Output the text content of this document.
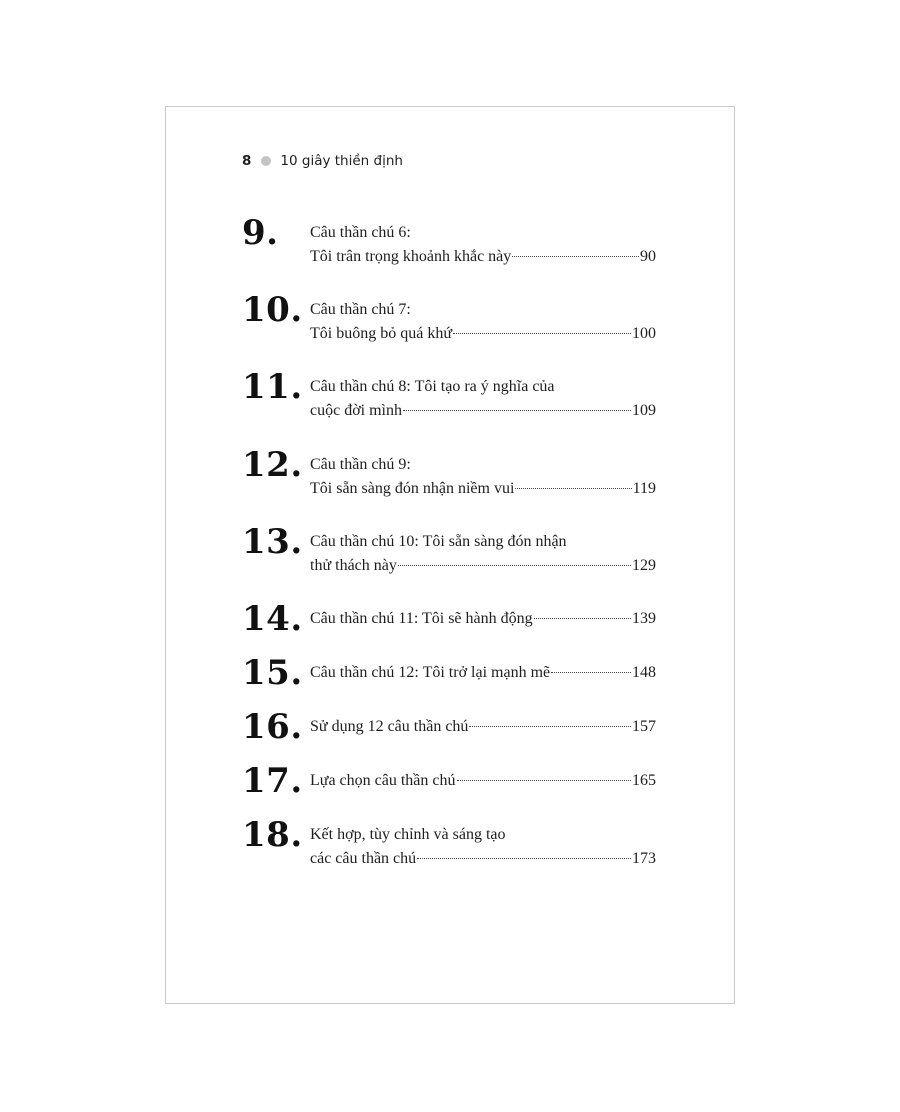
8 10 giây thiền định
9. Câu thần chú 6:
Tôi trân trọng khoảnh khắc này	90
10. Câu thần chú 7:
Tôi buông bỏ quá khứ	100
11. Câu thần chú 8: Tôi tạo ra ý nghĩa của
cuộc đời mình	109
12. Câu thần chú 9:
Tôi sẵn sàng đón nhận niềm vui	119
13. Câu thần chú 10: Tôi sẵn sàng đón nhận
thử thách này	129
14. Câu thần chú 11: Tôi sẽ hành động	139
15. Câu thần chú 12: Tôi trở lại mạnh mẽ	148
16. Sử dụng 12 câu thần chú	157
17. Lựa chọn câu thần chú	165
18. Kết hợp, tùy chỉnh và sáng tạo
các câu thần chú	173
